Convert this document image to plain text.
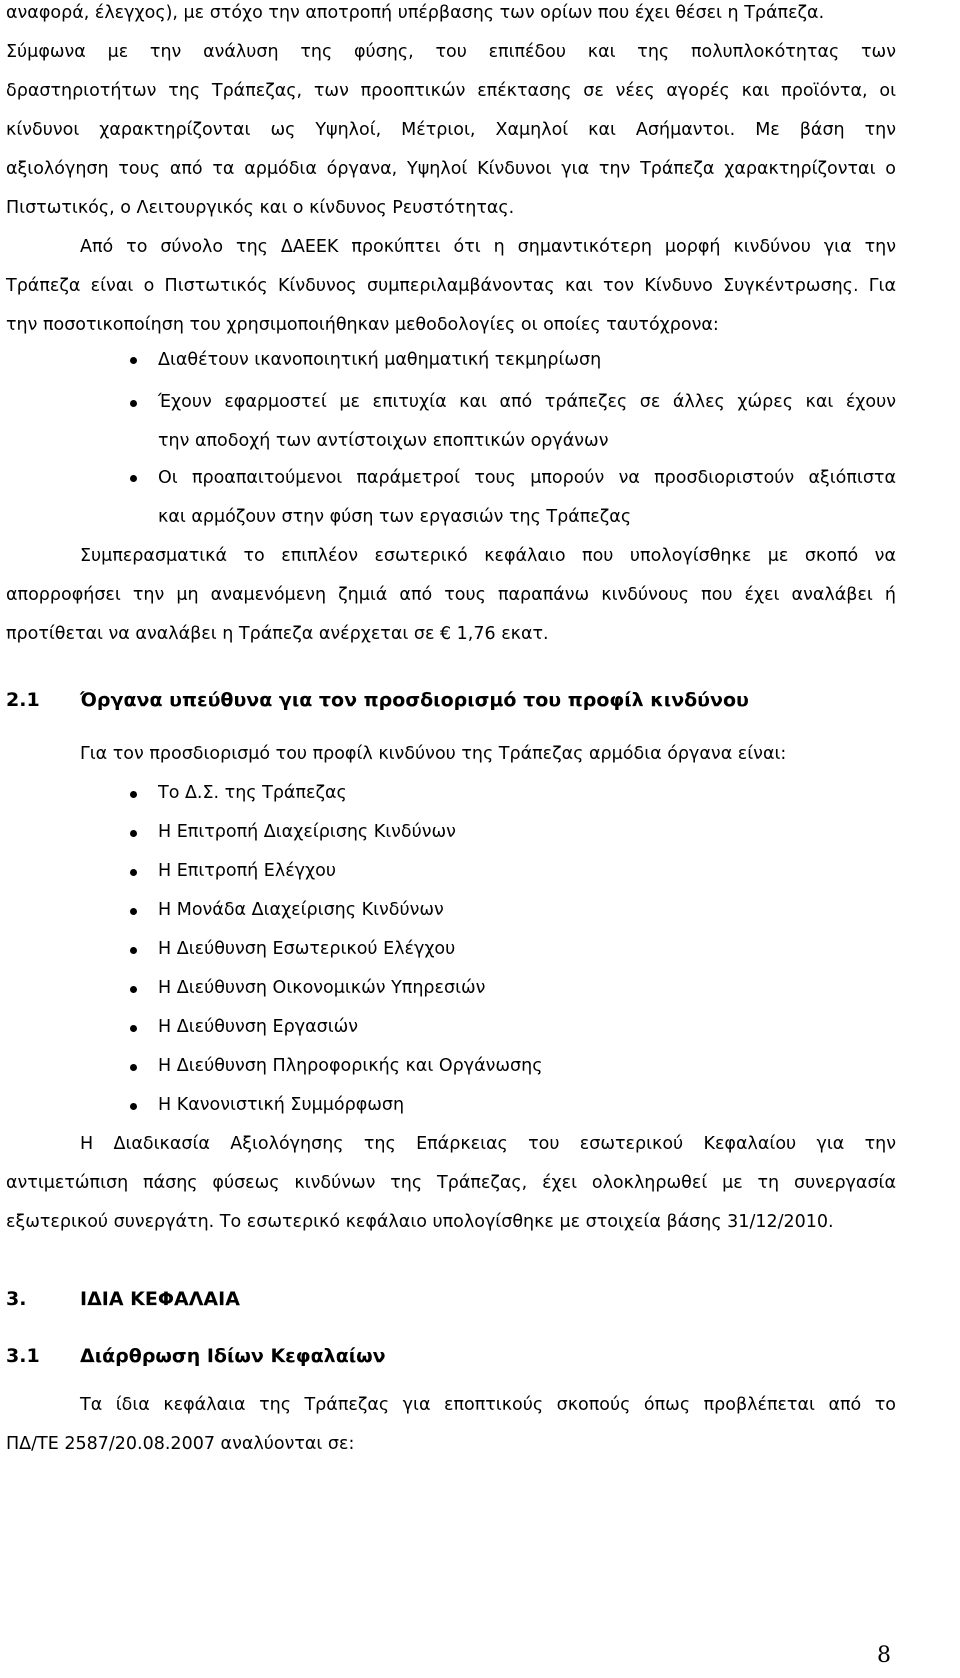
αναφορά, έλεγχος), με στόχο την αποτροπή υπέρβασης των ορίων που έχει θέσει η Τράπεζα.
Σύμφωνα με την ανάλυση της φύσης, του επιπέδου και της πολυπλοκότητας των
δραστηριοτήτων της Τράπεζας, των προοπτικών επέκτασης σε νέες αγορές και προϊόντα, οι
κίνδυνοι χαρακτηρίζονται ως Υψηλοί, Μέτριοι, Χαμηλοί και Ασήμαντοι. Με βάση την
αξιολόγηση τους από τα αρμόδια όργανα, Υψηλοί Κίνδυνοι για την Τράπεζα χαρακτηρίζονται ο
Πιστωτικός, ο Λειτουργικός και ο κίνδυνος Ρευστότητας.
Από το σύνολο της ΔΑΕΕΚ προκύπτει ότι η σημαντικότερη μορφή κινδύνου για την
Τράπεζα είναι ο Πιστωτικός Κίνδυνος συμπεριλαμβάνοντας και τον Κίνδυνο Συγκέντρωσης. Για
την ποσοτικοποίηση του χρησιμοποιήθηκαν μεθοδολογίες οι οποίες ταυτόχρονα:
Διαθέτουν ικανοποιητική μαθηματική τεκμηρίωση
Έχουν εφαρμοστεί με επιτυχία και από τράπεζες σε άλλες χώρες και έχουν
την αποδοχή των αντίστοιχων εποπτικών οργάνων
Οι προαπαιτούμενοι παράμετροί τους μπορούν να προσδιοριστούν αξιόπιστα
και αρμόζουν στην φύση των εργασιών της Τράπεζας
Συμπερασματικά το επιπλέον εσωτερικό κεφάλαιο που υπολογίσθηκε με σκοπό να
απορροφήσει την μη αναμενόμενη ζημιά από τους παραπάνω κινδύνους που έχει αναλάβει ή
προτίθεται να αναλάβει η Τράπεζα ανέρχεται σε € 1,76 εκατ.
2.1 Όργανα υπεύθυνα για τον προσδιορισμό του προφίλ κινδύνου
Για τον προσδιορισμό του προφίλ κινδύνου της Τράπεζας αρμόδια όργανα είναι:
Το Δ.Σ. της Τράπεζας
Η Επιτροπή Διαχείρισης Κινδύνων
Η Επιτροπή Ελέγχου
Η Μονάδα Διαχείρισης Κινδύνων
Η Διεύθυνση Εσωτερικού Ελέγχου
Η Διεύθυνση Οικονομικών Υπηρεσιών
Η Διεύθυνση Εργασιών
Η Διεύθυνση Πληροφορικής και Οργάνωσης
Η Κανονιστική Συμμόρφωση
Η Διαδικασία Αξιολόγησης της Επάρκειας του εσωτερικού Κεφαλαίου για την
αντιμετώπιση πάσης φύσεως κινδύνων της Τράπεζας, έχει ολοκληρωθεί με τη συνεργασία
εξωτερικού συνεργάτη. Το εσωτερικό κεφάλαιο υπολογίσθηκε με στοιχεία βάσης 31/12/2010.
3.	ΙΔΙΑ ΚΕΦΑΛΑΙΑ
3.1 Διάρθρωση Ιδίων Κεφαλαίων
Τα ίδια κεφάλαια της Τράπεζας για εποπτικούς σκοπούς όπως προβλέπεται από το
ΠΔ/ΤΕ 2587/20.08.2007 αναλύονται σε:
8
